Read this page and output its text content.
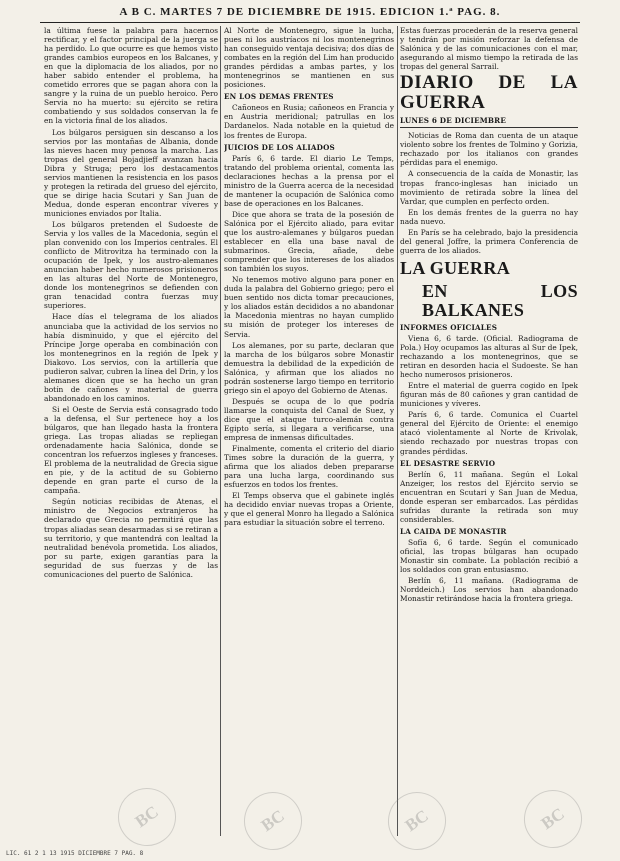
A B C. MARTES 7 DE DICIEMBRE DE 1915. EDICION 1.ª PAG. 8.

la última fuese la palabra para hacernos rectificar, y el factor principal de la juerga se ha perdido. Lo que ocurre es que hemos visto grandes cambios europeos en los Balcanes, y en que la diplomacia de los aliados, por no haber sabido entender el problema, ha cometido errores que se pagan ahora con la sangre y la ruina de un pueblo heroico. Pero Servia no ha muerto: su ejército se retira combatiendo y sus soldados conservan la fe en la victoria final de los aliados.

Los búlgaros persiguen sin descanso a los servios por las montañas de Albania, donde las nieves hacen muy penosa la marcha. Las tropas del general Bojadjieff avanzan hacia Dibra y Struga; pero los destacamentos servios mantienen la resistencia en los pasos y protegen la retirada del grueso del ejército, que se dirige hacia Scutari y San Juan de Medua, donde esperan encontrar víveres y municiones enviados por Italia.

Los búlgaros pretenden el Sudoeste de Servia y los valles de la Macedonia, según el plan convenido con los Imperios centrales. El conflicto de Mitrovitza ha terminado con la ocupación de Ipek, y los austro-alemanes anuncian haber hecho numerosos prisioneros en las alturas del Norte de Montenegro, donde los montenegrinos se defienden con gran tenacidad contra fuerzas muy superiores.

Hace días el telegrama de los aliados anunciaba que la actividad de los servios no había disminuido, y que el ejército del Príncipe Jorge operaba en combinación con los montenegrinos en la región de Ipek y Diakovo. Los servios, con la artillería que pudieron salvar, cubren la línea del Drin, y los alemanes dicen que se ha hecho un gran botín de cañones y material de guerra abandonado en los caminos.

Si el Oeste de Servia está consagrado todo a la defensa, el Sur pertenece hoy a los búlgaros, que han llegado hasta la frontera griega. Las tropas aliadas se repliegan ordenadamente hacia Salónica, donde se concentran los refuerzos ingleses y franceses. El problema de la neutralidad de Grecia sigue en pie, y de la actitud de su Gobierno depende en gran parte el curso de la campaña.

Según noticias recibidas de Atenas, el ministro de Negocios extranjeros ha declarado que Grecia no permitirá que las tropas aliadas sean desarmadas si se retiran a su territorio, y que mantendrá con lealtad la neutralidad benévola prometida. Los aliados, por su parte, exigen garantías para la seguridad de sus fuerzas y de las comunicaciones del puerto de Salónica.

Al Norte de Montenegro, sigue la lucha, pues ni los austríacos ni los montenegrinos han conseguido ventaja decisiva; dos días de combates en la región del Lim han producido grandes pérdidas a ambas partes, y los montenegrinos se mantienen en sus posiciones.

EN LOS DEMAS FRENTES

Cañoneos en Rusia; cañoneos en Francia y en Austria meridional; patrullas en los Dardanelos. Nada notable en la quietud de los frentes de Europa.

JUICIOS DE LOS ALIADOS

París 6, 6 tarde. El diario Le Temps, tratando del problema oriental, comenta las declaraciones hechas a la prensa por el ministro de la Guerra acerca de la necesidad de mantener la ocupación de Salónica como base de operaciones en los Balcanes.

Dice que ahora se trata de la posesión de Salónica por el Ejército aliado, para evitar que los austro-alemanes y búlgaros puedan establecer en ella una base naval de submarinos. Grecia, añade, debe comprender que los intereses de los aliados son también los suyos.

No tenemos motivo alguno para poner en duda la palabra del Gobierno griego; pero el buen sentido nos dicta tomar precauciones, y los aliados están decididos a no abandonar la Macedonia mientras no hayan cumplido su misión de proteger los intereses de Servia.

Los alemanes, por su parte, declaran que la marcha de los búlgaros sobre Monastir demuestra la debilidad de la expedición de Salónica, y afirman que los aliados no podrán sostenerse largo tiempo en territorio griego sin el apoyo del Gobierno de Atenas.

Después se ocupa de lo que podría llamarse la conquista del Canal de Suez, y dice que el ataque turco-alemán contra Egipto sería, si llegara a verificarse, una empresa de inmensas dificultades.

Finalmente, comenta el criterio del diario Times sobre la duración de la guerra, y afirma que los aliados deben prepararse para una lucha larga, coordinando sus esfuerzos en todos los frentes.

El Temps observa que el gabinete inglés ha decidido enviar nuevas tropas a Oriente, y que el general Monro ha llegado a Salónica para estudiar la situación sobre el terreno.

Estas fuerzas procederán de la reserva general y tendrán por misión reforzar la defensa de Salónica y de las comunicaciones con el mar, asegurando al mismo tiempo la retirada de las tropas del general Sarrail.

DIARIO DE LA GUERRA
LUNES 6 DE DICIEMBRE

Noticias de Roma dan cuenta de un ataque violento sobre los frentes de Tolmino y Gorizia, rechazado por los italianos con grandes pérdidas para el enemigo.

A consecuencia de la caída de Monastir, las tropas franco-inglesas han iniciado un movimiento de retirada sobre la línea del Vardar, que cumplen en perfecto orden.

En los demás frentes de la guerra no hay nada nuevo.

En París se ha celebrado, bajo la presidencia del general Joffre, la primera Conferencia de guerra de los aliados.

LA GUERRA
EN LOS BALKANES
INFORMES OFICIALES

Viena 6, 6 tarde. (Oficial. Radiograma de Pola.) Hoy ocupamos las alturas al Sur de Ipek, rechazando a los montenegrinos, que se retiran en desorden hacia el Sudoeste. Se han hecho numerosos prisioneros.

Entre el material de guerra cogido en Ipek figuran más de 80 cañones y gran cantidad de municiones y víveres.

París 6, 6 tarde. Comunica el Cuartel general del Ejército de Oriente: el enemigo atacó violentamente al Norte de Krivolak, siendo rechazado por nuestras tropas con grandes pérdidas.

EL DESASTRE SERVIO

Berlín 6, 11 mañana. Según el Lokal Anzeiger, los restos del Ejército servio se encuentran en Scutari y San Juan de Medua, donde esperan ser embarcados. Las pérdidas sufridas durante la retirada son muy considerables.

LA CAIDA DE MONASTIR

Sofía 6, 6 tarde. Según el comunicado oficial, las tropas búlgaras han ocupado Monastir sin combate. La población recibió a los soldados con gran entusiasmo.

Berlín 6, 11 mañana. (Radiograma de Norddeich.) Los servios han abandonado Monastir retirándose hacia la frontera griega.

BC	BC	BC	BC
LIC. 61 2 1 13 1915 DICIEMBRE 7 PAG. 8
